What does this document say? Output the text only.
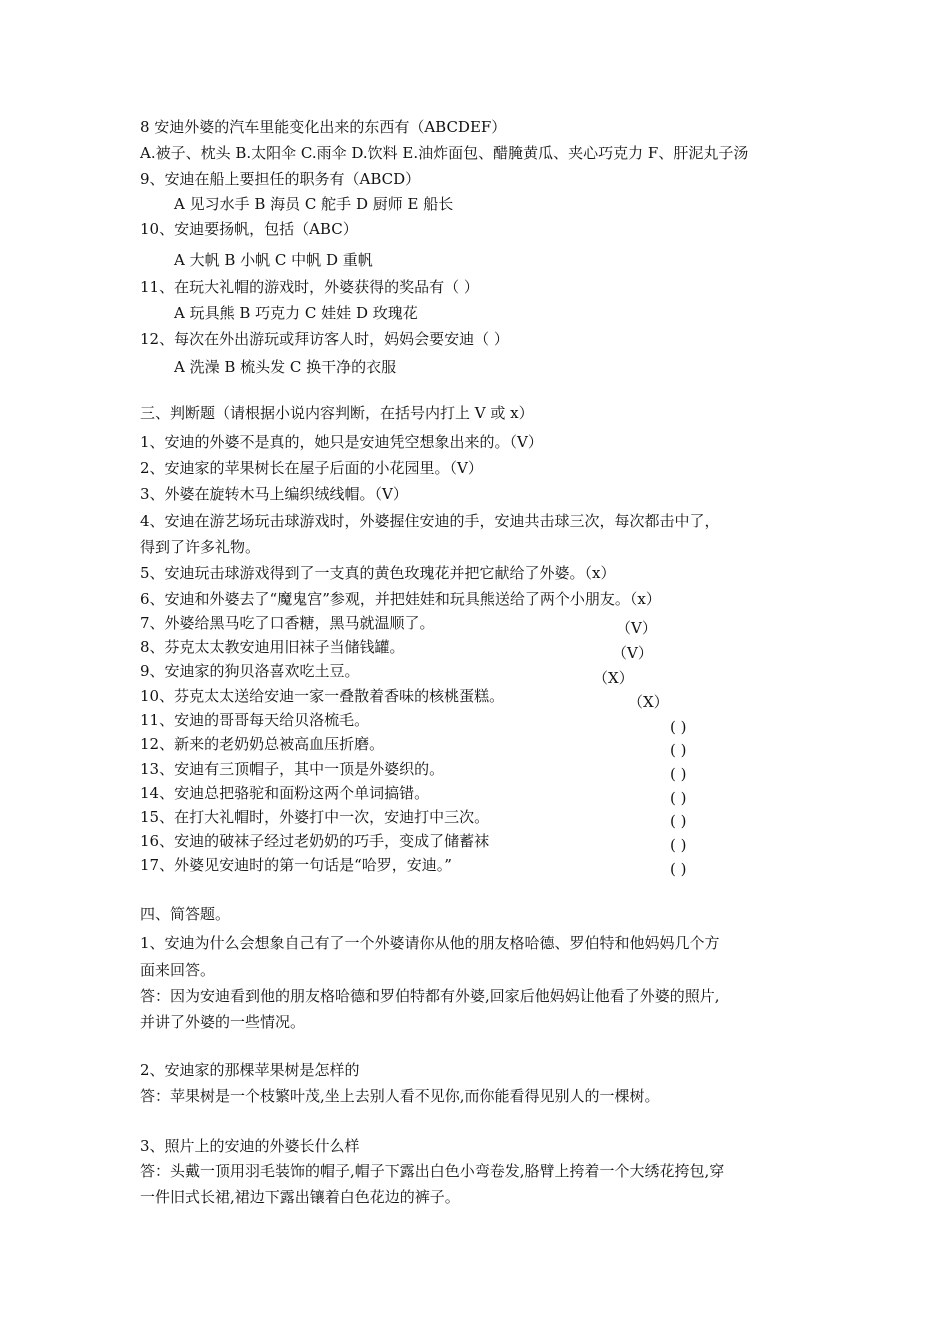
8 安迪外婆的汽车里能变化出来的东西有（ABCDEF）
A.被子、枕头 B.太阳伞 C.雨伞 D.饮料 E.油炸面包、醋腌黄瓜、夹心巧克力 F、肝泥丸子汤
9、安迪在船上要担任的职务有（ABCD）
A 见习水手 B 海员 C 舵手 D 厨师 E 船长
10、安迪要扬帆，包括（ABC）
A 大帆 B 小帆 C 中帆 D 重帆
11、在玩大礼帽的游戏时，外婆获得的奖品有（ ）
A 玩具熊 B 巧克力 C 娃娃 D 玫瑰花
12、每次在外出游玩或拜访客人时，妈妈会要安迪（ ）
A 洗澡 B 梳头发 C 换干净的衣服
三、判断题（请根据小说内容判断，在括号内打上 V 或 x）
1、安迪的外婆不是真的，她只是安迪凭空想象出来的。（V）
2、安迪家的苹果树长在屋子后面的小花园里。（V）
3、外婆在旋转木马上编织绒线帽。（V）
4、安迪在游艺场玩击球游戏时，外婆握住安迪的手，安迪共击球三次，每次都击中了，
得到了许多礼物。
5、安迪玩击球游戏得到了一支真的黄色玫瑰花并把它献给了外婆。（x）
6、安迪和外婆去了“魔鬼宫”参观，并把娃娃和玩具熊送给了两个小朋友。（x）
7、外婆给黑马吃了口香糖，黑马就温顺了。	（V）
8、芬克太太教安迪用旧袜子当储钱罐。	（V）
9、安迪家的狗贝洛喜欢吃土豆。	（X）
10、芬克太太送给安迪一家一叠散着香味的核桃蛋糕。	（X）
11、安迪的哥哥每天给贝洛梳毛。	( )
12、新来的老奶奶总被高血压折磨。	( )
13、安迪有三顶帽子，其中一顶是外婆织的。	( )
14、安迪总把骆驼和面粉这两个单词搞错。	( )
15、在打大礼帽时，外婆打中一次，安迪打中三次。	( )
16、安迪的破袜子经过老奶奶的巧手，变成了储蓄袜	( )
17、外婆见安迪时的第一句话是“哈罗，安迪。”	( )
四、简答题。
1、安迪为什么会想象自己有了一个外婆请你从他的朋友格哈德、罗伯特和他妈妈几个方
面来回答。
答：因为安迪看到他的朋友格哈德和罗伯特都有外婆,回家后他妈妈让他看了外婆的照片,
并讲了外婆的一些情况。
2、安迪家的那棵苹果树是怎样的
答：苹果树是一个枝繁叶茂,坐上去别人看不见你,而你能看得见别人的一棵树。
3、照片上的安迪的外婆长什么样
答：头戴一顶用羽毛装饰的帽子,帽子下露出白色小弯卷发,胳臂上挎着一个大绣花挎包,穿
一件旧式长裙,裙边下露出镶着白色花边的裤子。
